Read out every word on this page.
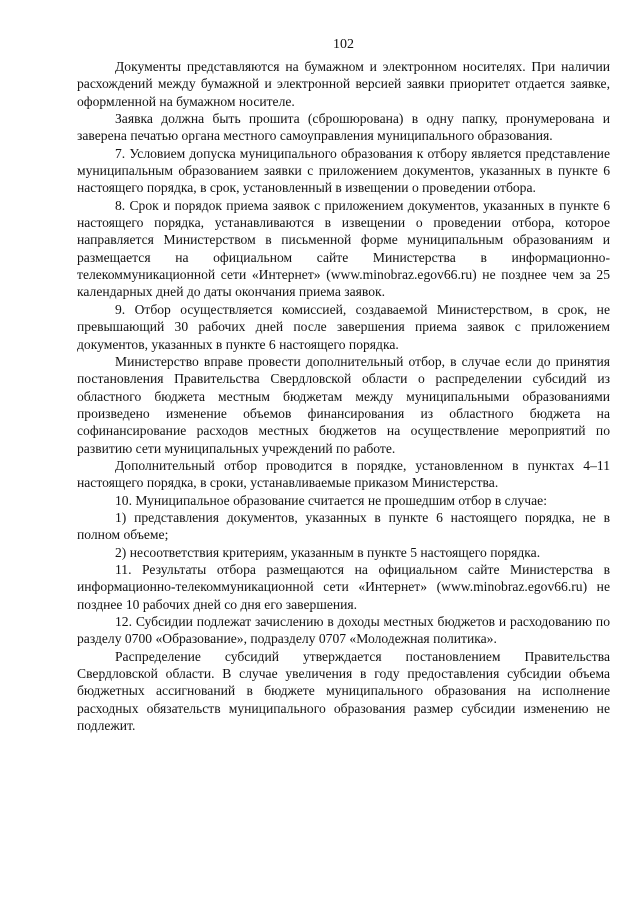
102

Документы представляются на бумажном и электронном носителях. При наличии расхождений между бумажной и электронной версией заявки приоритет отдается заявке, оформленной на бумажном носителе.

Заявка должна быть прошита (сброшюрована) в одну папку, пронумерована и заверена печатью органа местного самоуправления муниципального образования.

7. Условием допуска муниципального образования к отбору является представление муниципальным образованием заявки с приложением документов, указанных в пункте 6 настоящего порядка, в срок, установленный в извещении о проведении отбора.

8. Срок и порядок приема заявок с приложением документов, указанных в пункте 6 настоящего порядка, устанавливаются в извещении о проведении отбора, которое направляется Министерством в письменной форме муниципальным образованиям и размещается на официальном сайте Министерства в информационно-телекоммуникационной сети «Интернет» (www.minobraz.egov66.ru) не позднее чем за 25 календарных дней до даты окончания приема заявок.

9. Отбор осуществляется комиссией, создаваемой Министерством, в срок, не превышающий 30 рабочих дней после завершения приема заявок с приложением документов, указанных в пункте 6 настоящего порядка.

Министерство вправе провести дополнительный отбор, в случае если до принятия постановления Правительства Свердловской области о распределении субсидий из областного бюджета местным бюджетам между муниципальными образованиями произведено изменение объемов финансирования из областного бюджета на софинансирование расходов местных бюджетов на осуществление мероприятий по развитию сети муниципальных учреждений по работе.

Дополнительный отбор проводится в порядке, установленном в пунктах 4–11 настоящего порядка, в сроки, устанавливаемые приказом Министерства.

10. Муниципальное образование считается не прошедшим отбор в случае:

1) представления документов, указанных в пункте 6 настоящего порядка, не в полном объеме;

2) несоответствия критериям, указанным в пункте 5 настоящего порядка.

11. Результаты отбора размещаются на официальном сайте Министерства в информационно-телекоммуникационной сети «Интернет» (www.minobraz.egov66.ru) не позднее 10 рабочих дней со дня его завершения.

12. Субсидии подлежат зачислению в доходы местных бюджетов и расходованию по разделу 0700 «Образование», подразделу 0707 «Молодежная политика».

Распределение субсидий утверждается постановлением Правительства Свердловской области. В случае увеличения в году предоставления субсидии объема бюджетных ассигнований в бюджете муниципального образования на исполнение расходных обязательств муниципального образования размер субсидии изменению не подлежит.
